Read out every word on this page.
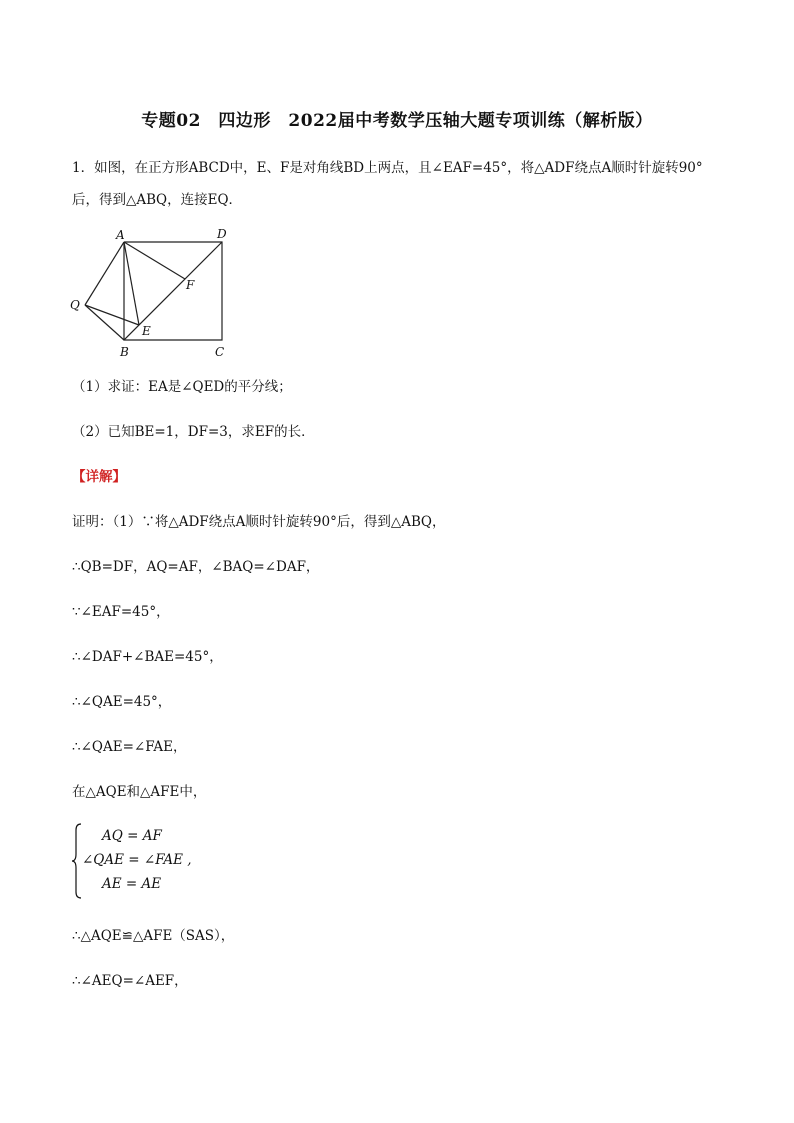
专题02　四边形　2022届中考数学压轴大题专项训练（解析版）
1．如图，在正方形ABCD中，E、F是对角线BD上两点，且∠EAF=45°，将△ADF绕点A顺时针旋转90°
后，得到△ABQ，连接EQ．
A	D
Q
F
E
B	C
（1）求证：EA是∠QED的平分线；
（2）已知BE=1，DF=3，求EF的长．
【详解】
证明：（1）∵将△ADF绕点A顺时针旋转90°后，得到△ABQ，
∴QB=DF，AQ=AF，∠BAQ=∠DAF，
∵∠EAF=45°，
∴∠DAF+∠BAE=45°，
∴∠QAE=45°，
∴∠QAE=∠FAE，
在△AQE和△AFE中，
AQ = AF
∠QAE = ∠FAE ,
AE = AE
∴△AQE≌△AFE（SAS），
∴∠AEQ=∠AEF，
